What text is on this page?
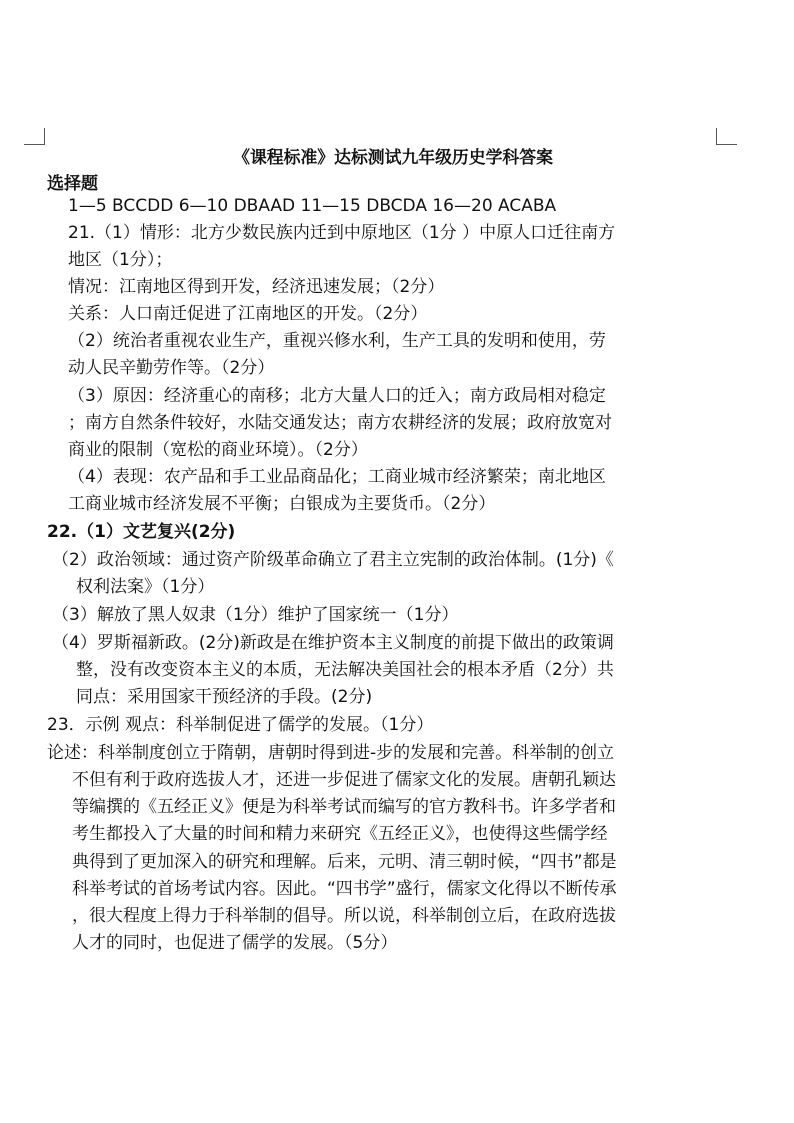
《课程标准》达标测试九年级历史学科答案
选择题
1—5 BCCDD 6—10 DBAAD 11—15 DBCDA 16—20 ACABA
21.（1）情形：北方少数民族内迁到中原地区（1分 ）中原人口迁往南方
地区（1分）；
情况：江南地区得到开发，经济迅速发展；（2分）
关系：人口南迁促进了江南地区的开发。（2分）
（2）统治者重视农业生产，重视兴修水利，生产工具的发明和使用，劳
动人民辛勤劳作等。（2分）
（3）原因：经济重心的南移；北方大量人口的迁入；南方政局相对稳定
；南方自然条件较好，水陆交通发达；南方农耕经济的发展；政府放宽对
商业的限制（宽松的商业环境）。（2分）
（4）表现：农产品和手工业品商品化；工商业城市经济繁荣；南北地区
工商业城市经济发展不平衡；白银成为主要货币。（2分）
22.（1）文艺复兴(2分)
（2）政治领域：通过资产阶级革命确立了君主立宪制的政治体制。(1分)《
权利法案》（1分）
（3）解放了黑人奴隶（1分）维护了国家统一（1分）
（4）罗斯福新政。(2分)新政是在维护资本主义制度的前提下做出的政策调
整，没有改变资本主义的本质，无法解决美国社会的根本矛盾（2分）共
同点：采用国家干预经济的手段。(2分)
23．示例 观点：科举制促进了儒学的发展。（1分）
论述：科举制度创立于隋朝，唐朝时得到进-步的发展和完善。科举制的创立
不但有利于政府选拔人才，还进一步促进了儒家文化的发展。唐朝孔颖达
等编撰的《五经正义》便是为科举考试而编写的官方教科书。许多学者和
考生都投入了大量的时间和精力来研究《五经正义》，也使得这些儒学经
典得到了更加深入的研究和理解。后来，元明、清三朝时候，“四书”都是
科举考试的首场考试内容。因此。“四书学”盛行，儒家文化得以不断传承
，很大程度上得力于科举制的倡导。所以说，科举制创立后，在政府选拔
人才的同时，也促进了儒学的发展。（5分）
